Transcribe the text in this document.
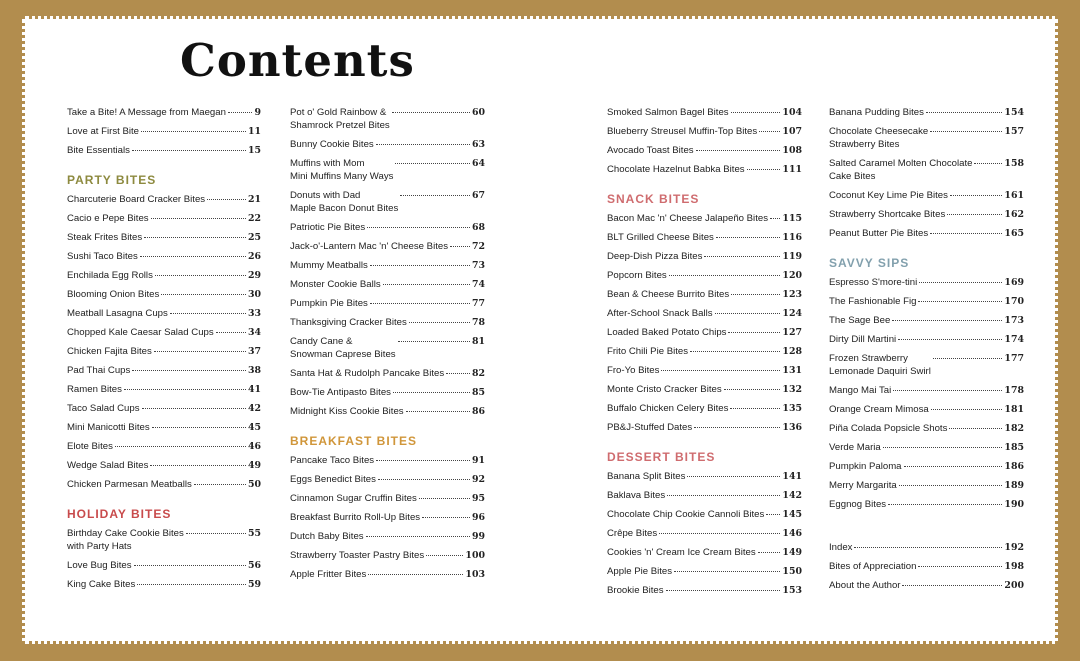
Contents
Take a Bite! A Message from Maegan	9
Love at First Bite	11
Bite Essentials	15
PARTY BITES
Charcuterie Board Cracker Bites	21
Cacio e Pepe Bites	22
Steak Frites Bites	25
Sushi Taco Bites	26
Enchilada Egg Rolls	29
Blooming Onion Bites	30
Meatball Lasagna Cups	33
Chopped Kale Caesar Salad Cups	34
Chicken Fajita Bites	37
Pad Thai Cups	38
Ramen Bites	41
Taco Salad Cups	42
Mini Manicotti Bites	45
Elote Bites	46
Wedge Salad Bites	49
Chicken Parmesan Meatballs	50
HOLIDAY BITES
Birthday Cake Cookie Bites
with Party Hats
55
Love Bug Bites	56
King Cake Bites	59
Pot o' Gold Rainbow &
Shamrock Pretzel Bites
60
Bunny Cookie Bites	63
Muffins with Mom
Mini Muffins Many Ways
64
Donuts with Dad
Maple Bacon Donut Bites
67
Patriotic Pie Bites	68
Jack-o'-Lantern Mac 'n' Cheese Bites	72
Mummy Meatballs	73
Monster Cookie Balls	74
Pumpkin Pie Bites	77
Thanksgiving Cracker Bites	78
Candy Cane &
Snowman Caprese Bites
81
Santa Hat & Rudolph Pancake Bites	82
Bow-Tie Antipasto Bites	85
Midnight Kiss Cookie Bites	86
BREAKFAST BITES
Pancake Taco Bites	91
Eggs Benedict Bites	92
Cinnamon Sugar Cruffin Bites	95
Breakfast Burrito Roll-Up Bites	96
Dutch Baby Bites	99
Strawberry Toaster Pastry Bites	100
Apple Fritter Bites	103
Smoked Salmon Bagel Bites	104
Blueberry Streusel Muffin-Top Bites	107
Avocado Toast Bites	108
Chocolate Hazelnut Babka Bites	111
SNACK BITES
Bacon Mac 'n' Cheese Jalapeño Bites 115
BLT Grilled Cheese Bites	116
Deep-Dish Pizza Bites	119
Popcorn Bites	120
Bean & Cheese Burrito Bites	123
After-School Snack Balls	124
Loaded Baked Potato Chips	127
Frito Chili Pie Bites	128
Fro-Yo Bites	131
Monte Cristo Cracker Bites	132
Buffalo Chicken Celery Bites	135
PB&J-Stuffed Dates	136
DESSERT BITES
Banana Split Bites	141
Baklava Bites	142
Chocolate Chip Cookie Cannoli Bites 145
Crêpe Bites	146
Cookies 'n' Cream Ice Cream Bites	149
Apple Pie Bites	150
Brookie Bites	153
Banana Pudding Bites	154
Chocolate Cheesecake
Strawberry Bites
157
Salted Caramel Molten Chocolate
Cake Bites
158
Coconut Key Lime Pie Bites	161
Strawberry Shortcake Bites	162
Peanut Butter Pie Bites	165
SAVVY SIPS
Espresso S'more-tini	169
The Fashionable Fig	170
The Sage Bee	173
Dirty Dill Martini	174
Frozen Strawberry
Lemonade Daquiri Swirl
177
Mango Mai Tai	178
Orange Cream Mimosa	181
Piña Colada Popsicle Shots	182
Verde Maria	185
Pumpkin Paloma	186
Merry Margarita	189
Eggnog Bites	190
Index	192
Bites of Appreciation	198
About the Author	200
